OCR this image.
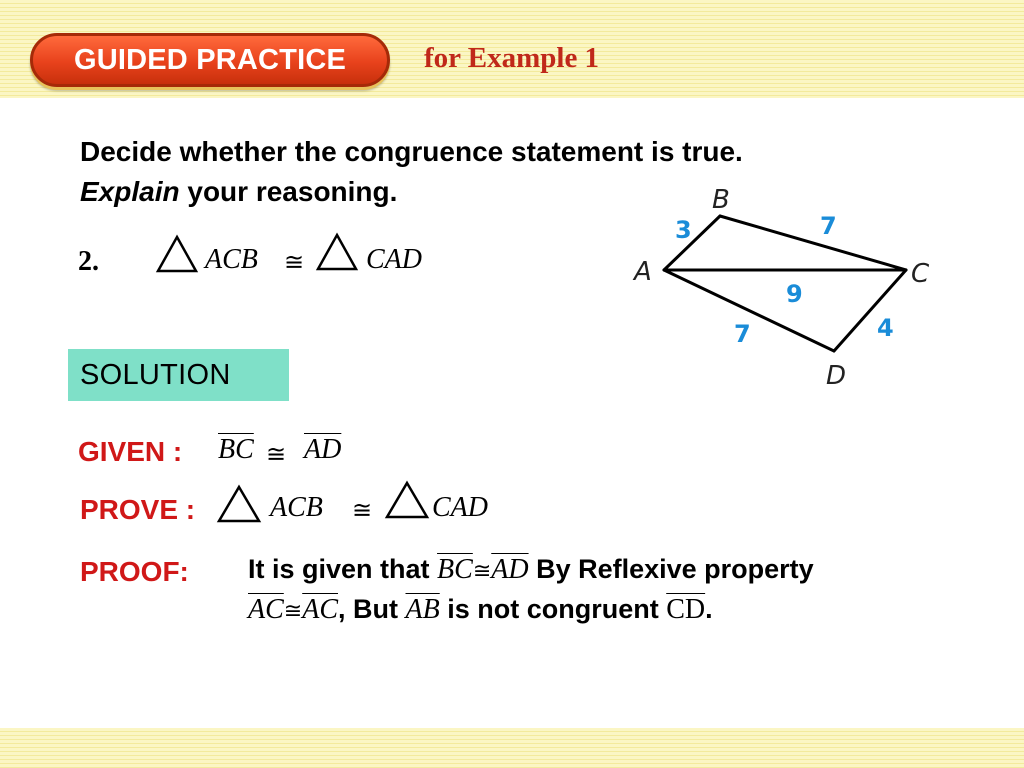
GUIDED PRACTICE	for Example 1
Decide whether the congruence statement is true.
Explain your reasoning.
2.	ACB ≅ CAD	A
B
C
D
3	7
9
7	4
SOLUTION
GIVEN : $\overline{BC}$ ≅ $\overline{AD}$
PROVE :	ACB ≅ CAD
PROOF: It is given that $\overline{BC}≅\overline{AD}$ By Reflexive property
$\overline{AC}≅\overline{AC}$, But $\overline{AB}$ is not congruent $\overline{CD}$.
